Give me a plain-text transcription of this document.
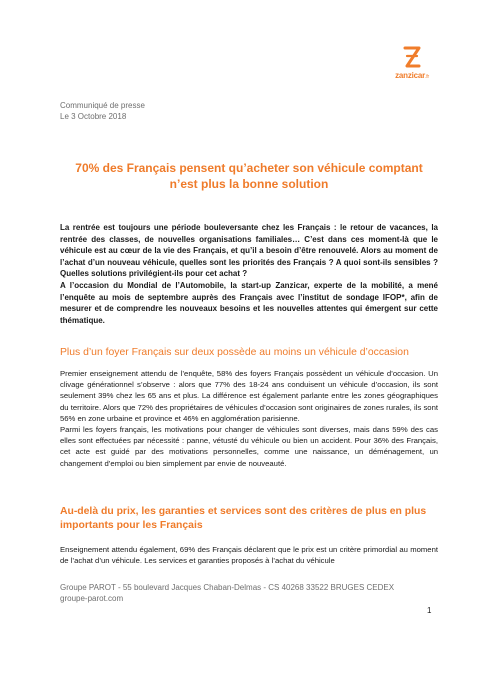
zanzicar.fr
Communiqué de presse
Le 3 Octobre 2018
70% des Français pensent qu’acheter son véhicule comptant n’est plus la bonne solution

La rentrée est toujours une période bouleversante chez les Français : le retour de vacances, la rentrée des classes, de nouvelles organisations familiales… C’est dans ces moment-là que le véhicule est au cœur de la vie des Français, et qu’il a besoin d’être renouvelé. Alors au moment de l’achat d’un nouveau véhicule, quelles sont les priorités des Français ? A quoi sont-ils sensibles ? Quelles solutions privilégient-ils pour cet achat ?

A l’occasion du Mondial de l’Automobile, la start-up Zanzicar, experte de la mobilité, a mené l’enquête au mois de septembre auprès des Français avec l’institut de sondage IFOP*, afin de mesurer et de comprendre les nouveaux besoins et les nouvelles attentes qui émergent sur cette thématique.

Plus d’un foyer Français sur deux possède au moins un véhicule d’occasion

Premier enseignement attendu de l’enquête, 58% des foyers Français possèdent un véhicule d’occasion. Un clivage générationnel s’observe : alors que 77% des 18-24 ans conduisent un véhicule d’occasion, ils sont seulement 39% chez les 65 ans et plus. La différence est également parlante entre les zones géographiques du territoire. Alors que 72% des propriétaires de véhicules d’occasion sont originaires de zones rurales, ils sont 56% en zone urbaine et province et 46% en agglomération parisienne.

Parmi les foyers français, les motivations pour changer de véhicules sont diverses, mais dans 59% des cas elles sont effectuées par nécessité : panne, vétusté du véhicule ou bien un accident. Pour 36% des Français, cet acte est guidé par des motivations personnelles, comme une naissance, un déménagement, un changement d’emploi ou bien simplement par envie de nouveauté.

Au-delà du prix, les garanties et services sont des critères de plus en plus importants pour les Français
Enseignement attendu également, 69% des Français déclarent que le prix est un critère primordial au moment de l’achat d’un véhicule. Les services et garanties proposés à l’achat du véhicule
Groupe PAROT - 55 boulevard Jacques Chaban-Delmas - CS 40268 33522 BRUGES CEDEX
groupe-parot.com
1
